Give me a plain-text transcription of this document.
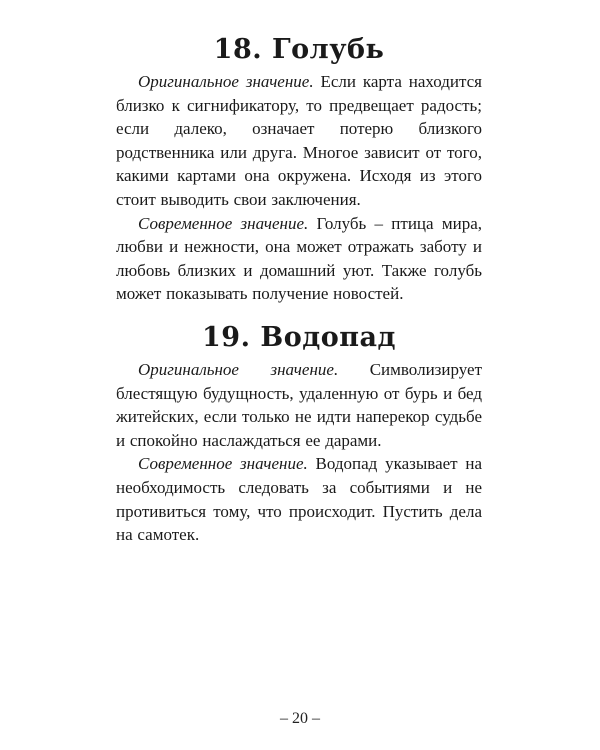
18. Голубь

Оригинальное значение. Если карта находится близко к сигнификатору, то предвещает радость; если далеко, означает потерю близкого родственника или друга. Многое зависит от того, какими картами она окружена. Исходя из этого стоит выводить свои заключения.

Современное значение. Голубь – птица мира, любви и нежности, она может отражать заботу и любовь близких и домашний уют. Также голубь может показывать получение новостей.

19. Водопад

Оригинальное значение. Символизирует блестящую будущность, удаленную от бурь и бед житейских, если только не идти наперекор судьбе и спокойно наслаждаться ее дарами.

Современное значение. Водопад указывает на необходимость следовать за событиями и не противиться тому, что происходит. Пустить дела на самотек.

– 20 –
